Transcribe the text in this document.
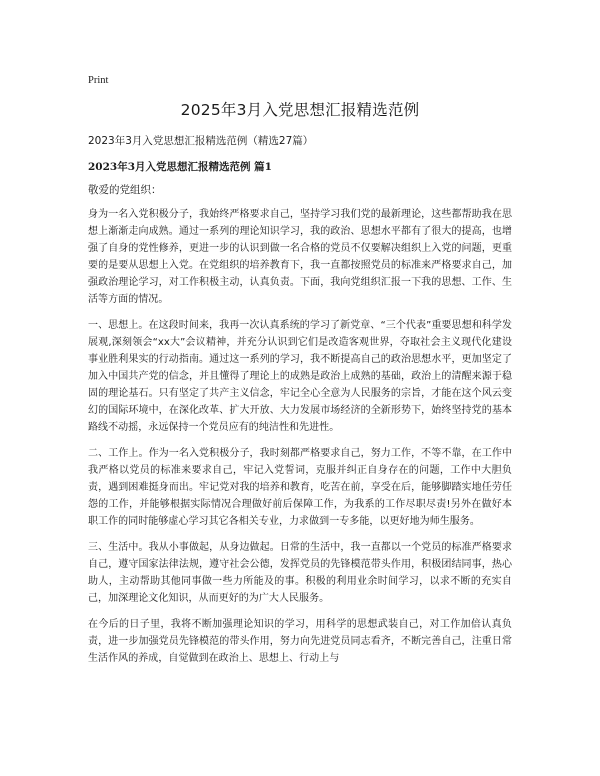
Print
2025年3月入党思想汇报精选范例
2023年3月入党思想汇报精选范例（精选27篇）
2023年3月入党思想汇报精选范例 篇1
敬爱的党组织：
身为一名入党积极分子，我始终严格要求自己，坚持学习我们党的最新理论，这些都帮助我在思想上渐渐走向成熟。通过一系列的理论知识学习，我的政治、思想水平都有了很大的提高，也增强了自身的党性修养，更进一步的认识到做一名合格的党员不仅要解决组织上入党的问题，更重要的是要从思想上入党。在党组织的培养教育下，我一直都按照党员的标准来严格要求自己，加强政治理论学习，对工作积极主动，认真负责。下面，我向党组织汇报一下我的思想、工作、生活等方面的情况。
一、思想上。在这段时间来，我再一次认真系统的学习了新党章、“三个代表”重要思想和科学发展观,深刻领会“xx大”会议精神，并充分认识到它们是改造客观世界，夺取社会主义现代化建设事业胜利果实的行动指南。通过这一系列的学习，我不断提高自己的政治思想水平，更加坚定了加入中国共产党的信念，并且懂得了理论上的成熟是政治上成熟的基础，政治上的清醒来源于稳固的理论基石。只有坚定了共产主义信念，牢记全心全意为人民服务的宗旨，才能在这个风云变幻的国际环境中，在深化改革、扩大开放、大力发展市场经济的全新形势下，始终坚持党的基本路线不动摇，永远保持一个党员应有的纯洁性和先进性。
二、工作上。作为一名入党积极分子，我时刻都严格要求自己，努力工作，不等不靠，在工作中我严格以党员的标准来要求自己，牢记入党誓词，克服并纠正自身存在的问题，工作中大胆负责，遇到困难挺身而出。牢记党对我的培养和教育，吃苦在前，享受在后，能够脚踏实地任劳任怨的工作，并能够根据实际情况合理做好前后保障工作，为我系的工作尽职尽责!另外在做好本职工作的同时能够虚心学习其它各相关专业，力求做到一专多能，以更好地为师生服务。
三、生活中。我从小事做起，从身边做起。日常的生活中，我一直都以一个党员的标准严格要求自己，遵守国家法律法规，遵守社会公德，发挥党员的先锋模范带头作用，积极团结同事，热心助人，主动帮助其他同事做一些力所能及的事。积极的利用业余时间学习，以求不断的充实自己，加深理论文化知识，从而更好的为广大人民服务。
在今后的日子里，我将不断加强理论知识的学习，用科学的思想武装自己，对工作加倍认真负责，进一步加强党员先锋模范的带头作用，努力向先进党员同志看齐，不断完善自己，注重日常生活作风的养成，自觉做到在政治上、思想上、行动上与
